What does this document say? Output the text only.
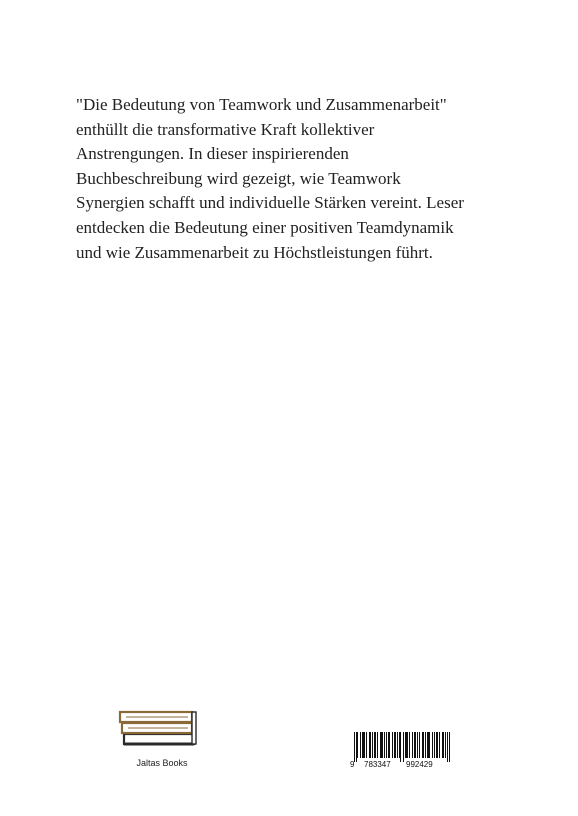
"Die Bedeutung von Teamwork und Zusammenarbeit"
enthüllt die transformative Kraft kollektiver
Anstrengungen. In dieser inspirierenden
Buchbeschreibung wird gezeigt, wie Teamwork
Synergien schafft und individuelle Stärken vereint. Leser
entdecken die Bedeutung einer positiven Teamdynamik
und wie Zusammenarbeit zu Höchstleistungen führt.

Jaltas Books	9 783347 992429
